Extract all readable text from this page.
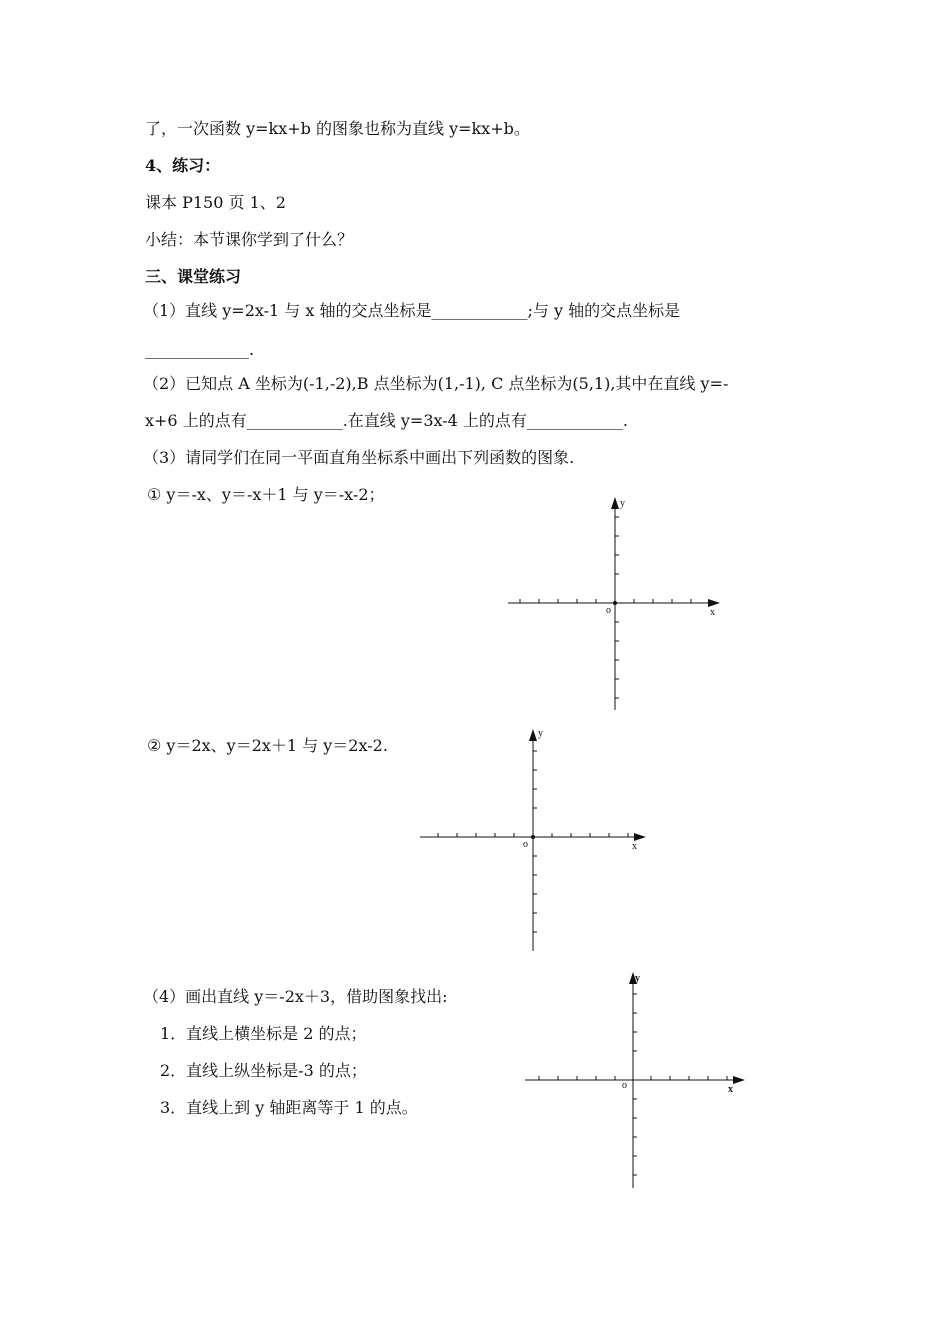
了，一次函数 y=kx+b 的图象也称为直线 y=kx+b。
4、练习：
课本 P150 页 1、2
小结：本节课你学到了什么？
三、课堂练习
（1）直线 y=2x-1 与 x 轴的交点坐标是____________;与 y 轴的交点坐标是
_____________.
（2）已知点 A 坐标为(-1,-2),B 点坐标为(1,-1), C 点坐标为(5,1),其中在直线 y=-
x+6 上的点有____________.在直线 y=3x-4 上的点有____________.
（3）请同学们在同一平面直角坐标系中画出下列函数的图象.
① y＝-x、y＝-x＋1 与 y＝-x-2；
② y＝2x、y＝2x＋1 与 y＝2x-2.
（4）画出直线 y＝-2x＋3，借助图象找出:
1．直线上横坐标是 2 的点；
2．直线上纵坐标是-3 的点；
3．直线上到 y 轴距离等于 1 的点。
x
y
o
x
y
o
x
y
o
